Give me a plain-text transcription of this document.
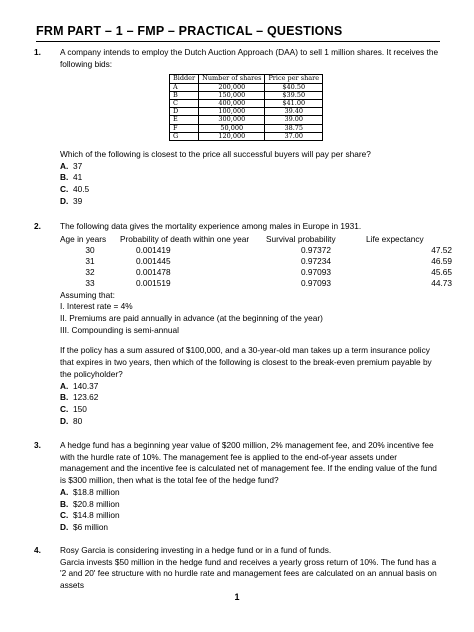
FRM PART – 1 – FMP – PRACTICAL – QUESTIONS
1. A company intends to employ the Dutch Auction Approach (DAA) to sell 1 million shares. It receives the following bids:
Bidder	Number of shares	Price per share
A	200,000	$40.50
B	150,000	$39.50
C	400,000	$41.00
D	100,000	39.40
E	300,000	39.00
F	50,000	38.75
G	120,000	37.00
Which of the following is closest to the price all successful buyers will pay per share?
A. 37
B. 41
C. 40.5
D. 39
2. The following data gives the mortality experience among males in Europe in 1931.
Age in years	Probability of death within one year	Survival probability	Life expectancy
30	0.001419	0.97372	47.52
31	0.001445	0.97234	46.59
32	0.001478	0.97093	45.65
33	0.001519	0.97093	44.73
Assuming that:
I. Interest rate = 4%
II. Premiums are paid annually in advance (at the beginning of the year)
III. Compounding is semi-annual
If the policy has a sum assured of $100,000, and a 30-year-old man takes up a term insurance policy that expires in two years, then which of the following is closest to the break-even premium payable by the policyholder?
A. 140.37
B. 123.62
C. 150
D. 80
3. A hedge fund has a beginning year value of $200 million, 2% management fee, and 20% incentive fee with the hurdle rate of 10%. The management fee is applied to the end-of-year assets under management and the incentive fee is calculated net of management fee. If the ending value of the fund is $300 million, then what is the total fee of the hedge fund?
A. $18.8 million
B. $20.8 million
C. $14.8 million
D. $6 million
4. Rosy Garcia is considering investing in a hedge fund or in a fund of funds.
Garcia invests $50 million in the hedge fund and receives a yearly gross return of 10%. The fund has a '2 and 20' fee structure with no hurdle rate and management fees are calculated on an annual basis on assets
1
